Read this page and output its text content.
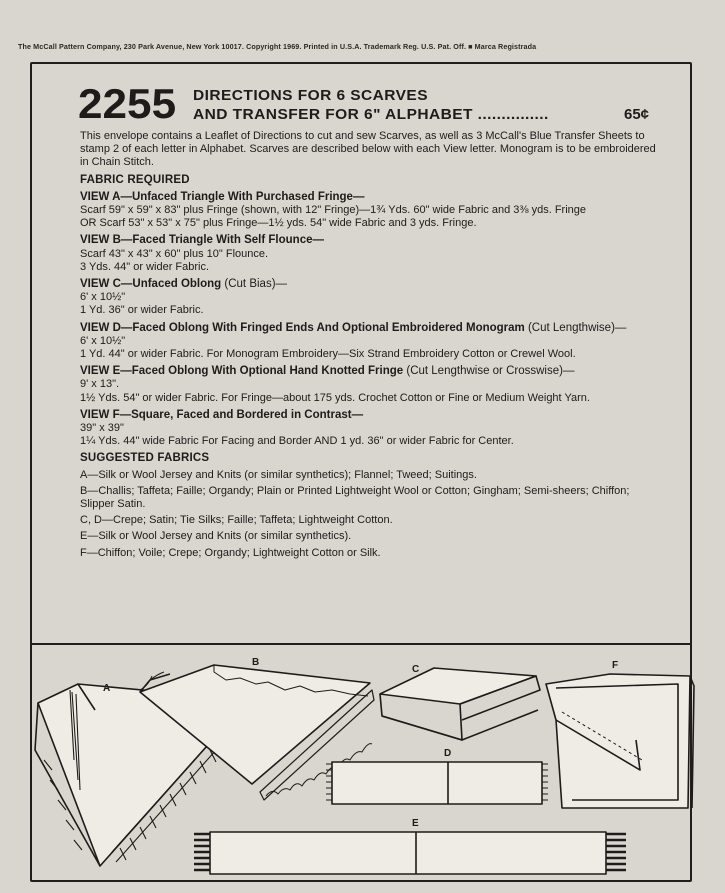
The McCall Pattern Company, 230 Park Avenue, New York 10017. Copyright 1969. Printed in U.S.A. Trademark Reg. U.S. Pat. Off. ■ Marca Registrada
2255 DIRECTIONS FOR 6 SCARVES
AND TRANSFER FOR 6" ALPHABET ...............	65¢

This envelope contains a Leaflet of Directions to cut and sew Scarves, as well as 3 McCall's Blue Transfer Sheets to stamp 2 of each letter in Alphabet. Scarves are described below with each View letter. Monogram is to be embroidered in Chain Stitch.

FABRIC REQUIRED

VIEW A—Unfaced Triangle With Purchased Fringe—
Scarf 59" x 59" x 83" plus Fringe (shown, with 12" Fringe)—1¾ Yds. 60" wide Fabric and 3⅜ yds. Fringe
OR Scarf 53" x 53" x 75" plus Fringe—1½ yds. 54" wide Fabric and 3 yds. Fringe.
VIEW B—Faced Triangle With Self Flounce—
Scarf 43" x 43" x 60" plus 10" Flounce.
3 Yds. 44" or wider Fabric.
VIEW C—Unfaced Oblong (Cut Bias)—
6' x 10½"
1 Yd. 36" or wider Fabric.
VIEW D—Faced Oblong With Fringed Ends And Optional Embroidered Monogram (Cut Lengthwise)—
6' x 10½"
1 Yd. 44" or wider Fabric. For Monogram Embroidery—Six Strand Embroidery Cotton or Crewel Wool.
VIEW E—Faced Oblong With Optional Hand Knotted Fringe (Cut Lengthwise or Crosswise)—
9' x 13".
1½ Yds. 54" or wider Fabric. For Fringe—about 175 yds. Crochet Cotton or Fine or Medium Weight Yarn.
VIEW F—Square, Faced and Bordered in Contrast—
39" x 39"
1¼ Yds. 44" wide Fabric For Facing and Border AND 1 yd. 36" or wider Fabric for Center.

SUGGESTED FABRICS

A—Silk or Wool Jersey and Knits (or similar synthetics); Flannel; Tweed; Suitings.

B—Challis; Taffeta; Faille; Organdy; Plain or Printed Lightweight Wool or Cotton; Gingham; Semi-sheers; Chiffon; Slipper Satin.

C, D—Crepe; Satin; Tie Silks; Faille; Taffeta; Lightweight Cotton.

E—Silk or Wool Jersey and Knits (or similar synthetics).

F—Chiffon; Voile; Crepe; Organdy; Lightweight Cotton or Silk.

A
B
C
D
E
F
